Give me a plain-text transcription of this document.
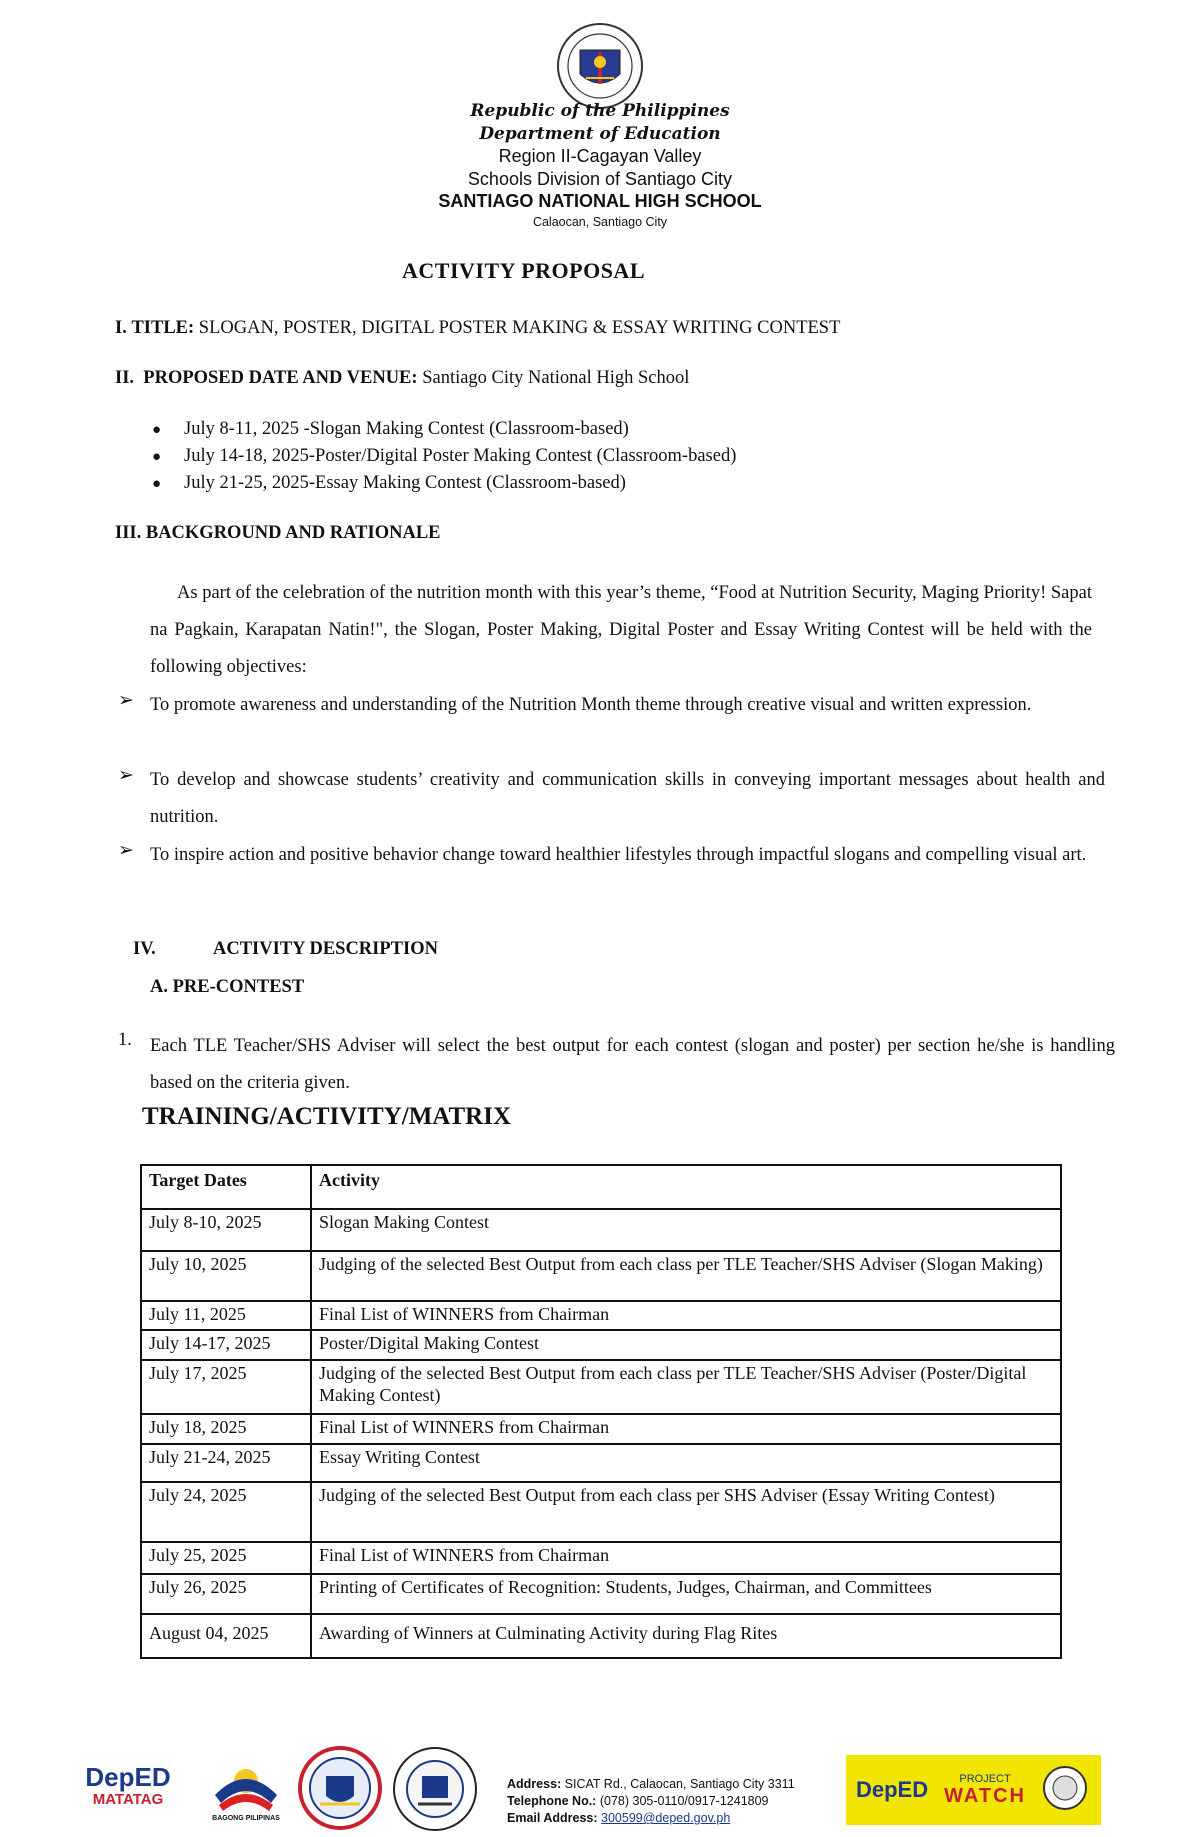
Republic of the Philippines
Department of Education
Region II-Cagayan Valley
Schools Division of Santiago City
SANTIAGO NATIONAL HIGH SCHOOL
Calaocan, Santiago City
ACTIVITY PROPOSAL
I. TITLE: SLOGAN, POSTER, DIGITAL POSTER MAKING & ESSAY WRITING CONTEST
II. PROPOSED DATE AND VENUE: Santiago City National High School
● July 8-11, 2025 -Slogan Making Contest (Classroom-based)
● July 14-18, 2025-Poster/Digital Poster Making Contest (Classroom-based)
● July 21-25, 2025-Essay Making Contest (Classroom-based)
III. BACKGROUND AND RATIONALE
As part of the celebration of the nutrition month with this year’s theme, “Food at Nutrition Security, Maging Priority! Sapat na Pagkain, Karapatan Natin!", the Slogan, Poster Making, Digital Poster and Essay Writing Contest will be held with the following objectives:
➢ To promote awareness and understanding of the Nutrition Month theme through creative visual and written expression.
➢ To develop and showcase students’ creativity and communication skills in conveying important messages about health and nutrition.
➢ To inspire action and positive behavior change toward healthier lifestyles through impactful slogans and compelling visual art.
IV.	ACTIVITY DESCRIPTION
A. PRE-CONTEST
1. Each TLE Teacher/SHS Adviser will select the best output for each contest (slogan and poster) per section he/she is handling based on the criteria given.
TRAINING/ACTIVITY/MATRIX
Target Dates	Activity
July 8-10, 2025	Slogan Making Contest
July 10, 2025	Judging of the selected Best Output from each class per TLE Teacher/SHS Adviser (Slogan Making)
July 11, 2025	Final List of WINNERS from Chairman
July 14-17, 2025	Poster/Digital Making Contest
July 17, 2025	Judging of the selected Best Output from each class per TLE Teacher/SHS Adviser (Poster/Digital Making Contest)
July 18, 2025	Final List of WINNERS from Chairman
July 21-24, 2025	Essay Writing Contest
July 24, 2025	Judging of the selected Best Output from each class per SHS Adviser (Essay Writing Contest)
July 25, 2025	Final List of WINNERS from Chairman
July 26, 2025	Printing of Certificates of Recognition: Students, Judges, Chairman, and Committees
August 04, 2025	Awarding of Winners at Culminating Activity during Flag Rites
DepED
MATATAG
BAGONG PILIPINAS
Address: SICAT Rd., Calaocan, Santiago City 3311
Telephone No.: (078) 305-0110/0917-1241809
Email Address: 300599@deped.gov.ph
DepED	PROJECT
WATCH
